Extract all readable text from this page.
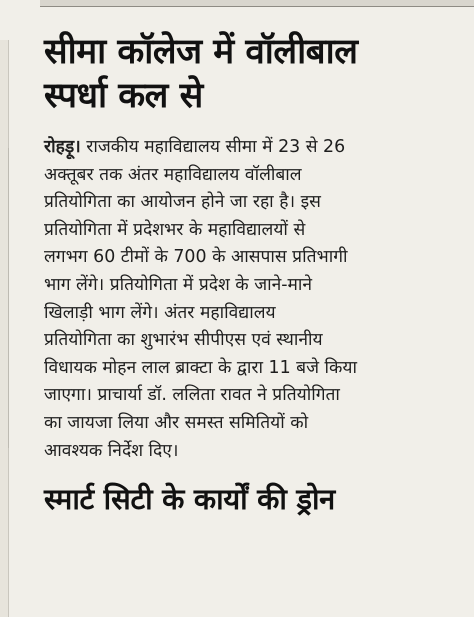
सीमा कॉलेज में वॉलीबाल
स्पर्धा कल से
रोहड़ू। राजकीय महाविद्यालय सीमा में 23 से 26
अक्तूबर तक अंतर महाविद्यालय वॉलीबाल
प्रतियोगिता का आयोजन होने जा रहा है। इस
प्रतियोगिता में प्रदेशभर के महाविद्यालयों से
लगभग 60 टीमों के 700 के आसपास प्रतिभागी
भाग लेंगे। प्रतियोगिता में प्रदेश के जाने-माने
खिलाड़ी भाग लेंगे। अंतर महाविद्यालय
प्रतियोगिता का शुभारंभ सीपीएस एवं स्थानीय
विधायक मोहन लाल ब्राक्टा के द्वारा 11 बजे किया
जाएगा। प्राचार्या डॉ. ललिता रावत ने प्रतियोगिता
का जायजा लिया और समस्त समितियों को
आवश्यक निर्देश दिए।
स्मार्ट सिटी के कार्यों की ड्रोन
